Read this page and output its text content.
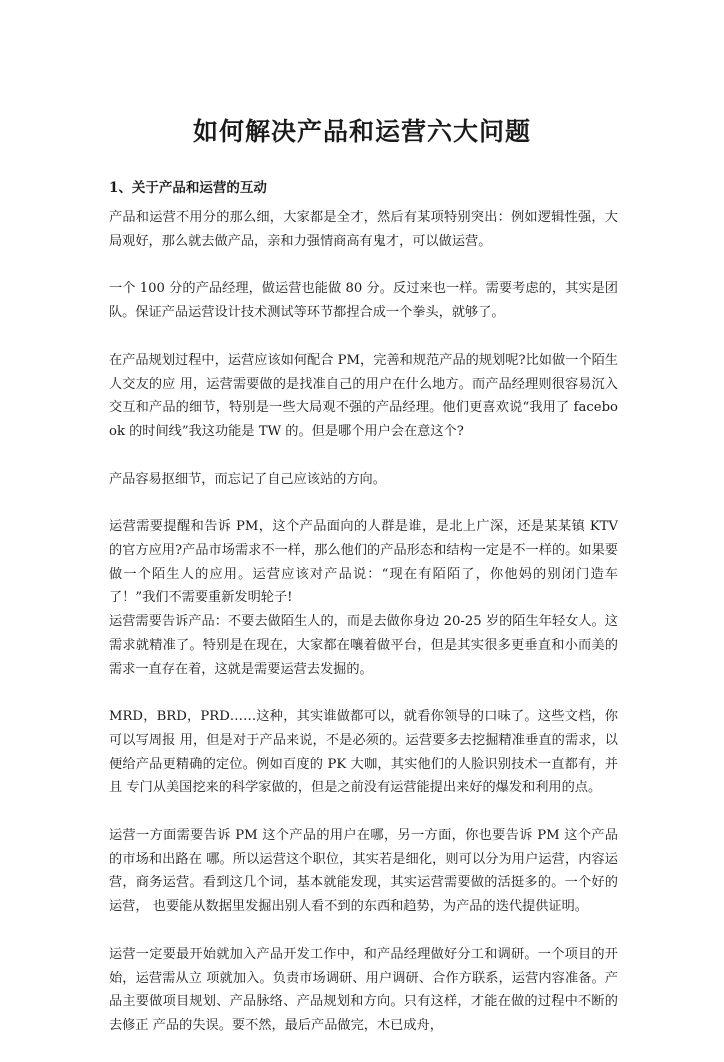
如何解决产品和运营六大问题
1、关于产品和运营的互动

产品和运营不用分的那么细，大家都是全才，然后有某项特别突出：例如逻辑性强，大局观好，那么就去做产品，亲和力强情商高有鬼才，可以做运营。

一个 100 分的产品经理，做运营也能做 80 分。反过来也一样。需要考虑的，其实是团队。保证产品运营设计技术测试等环节都捏合成一个拳头，就够了。

在产品规划过程中，运营应该如何配合 PM，完善和规范产品的规划呢?比如做一个陌生人交友的应 用，运营需要做的是找准自己的用户在什么地方。而产品经理则很容易沉入交互和产品的细节，特别是一些大局观不强的产品经理。他们更喜欢说“我用了 facebook 的时间线”我这功能是 TW 的。但是哪个用户会在意这个?

产品容易抠细节，而忘记了自己应该站的方向。

运营需要提醒和告诉 PM，这个产品面向的人群是谁，是北上广深，还是某某镇 KTV 的官方应用?产品市场需求不一样，那么他们的产品形态和结构一定是不一样的。如果要做一个陌生人的应用。运营应该对产品说：“现在有陌陌了，你他妈的别闭门造车了！”我们不需要重新发明轮子!

运营需要告诉产品：不要去做陌生人的，而是去做你身边 20-25 岁的陌生年轻女人。这需求就精准了。特别是在现在，大家都在嚷着做平台，但是其实很多更垂直和小而美的需求一直存在着，这就是需要运营去发掘的。

MRD，BRD，PRD……这种，其实谁做都可以，就看你领导的口味了。这些文档，你可以写周报 用，但是对于产品来说，不是必须的。运营要多去挖掘精准垂直的需求，以便给产品更精确的定位。例如百度的 PK 大咖，其实他们的人脸识别技术一直都有，并且 专门从美国挖来的科学家做的，但是之前没有运营能提出来好的爆发和利用的点。

运营一方面需要告诉 PM 这个产品的用户在哪，另一方面，你也要告诉 PM 这个产品的市场和出路在 哪。所以运营这个职位，其实若是细化，则可以分为用户运营，内容运营，商务运营。看到这几个词，基本就能发现，其实运营需要做的活挺多的。一个好的运营， 也要能从数据里发掘出别人看不到的东西和趋势，为产品的迭代提供证明。

运营一定要最开始就加入产品开发工作中，和产品经理做好分工和调研。一个项目的开始，运营需从立 项就加入。负责市场调研、用户调研、合作方联系，运营内容准备。产品主要做项目规划、产品脉络、产品规划和方向。只有这样，才能在做的过程中不断的去修正 产品的失误。要不然，最后产品做完，木已成舟，
